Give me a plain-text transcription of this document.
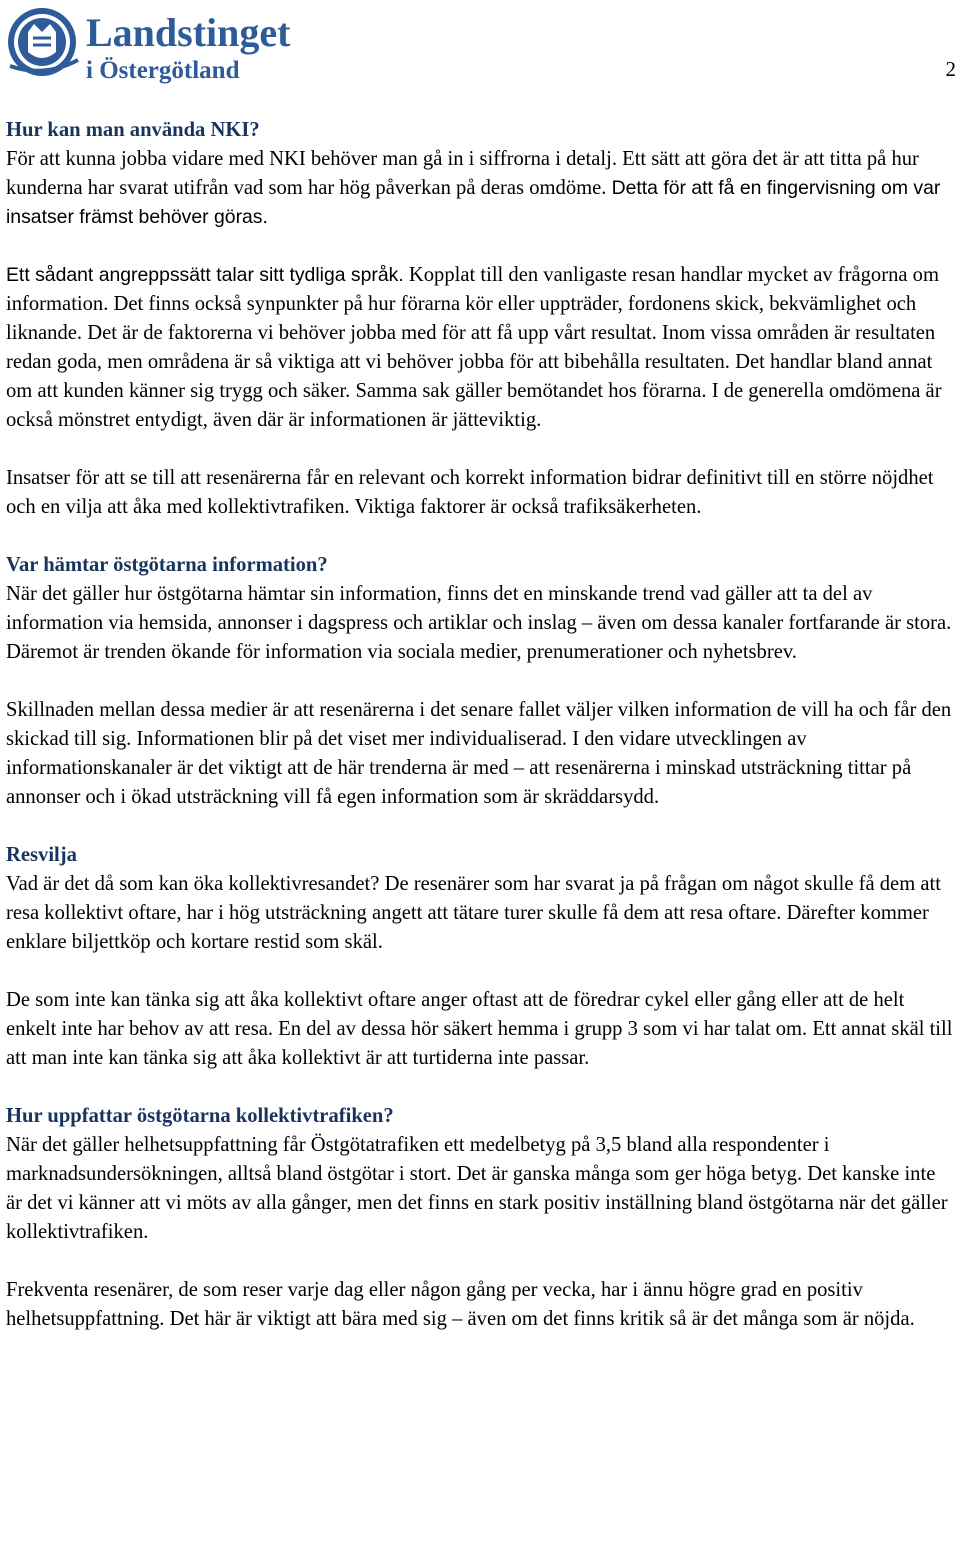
Landstinget
i Östergötland	2

Hur kan man använda NKI?

För att kunna jobba vidare med NKI behöver man gå in i siffrorna i detalj. Ett sätt att göra det är att titta på hur kunderna har svarat utifrån vad som har hög påverkan på deras omdöme. Detta för att få en fingervisning om var insatser främst behöver göras.

Ett sådant angreppssätt talar sitt tydliga språk. Kopplat till den vanligaste resan handlar mycket av frågorna om information. Det finns också synpunkter på hur förarna kör eller uppträder, fordonens skick, bekvämlighet och liknande. Det är de faktorerna vi behöver jobba med för att få upp vårt resultat. Inom vissa områden är resultaten redan goda, men områdena är så viktiga att vi behöver jobba för att bibehålla resultaten. Det handlar bland annat om att kunden känner sig trygg och säker. Samma sak gäller bemötandet hos förarna. I de generella omdömena är också mönstret entydigt, även där är informationen är jätteviktig.

Insatser för att se till att resenärerna får en relevant och korrekt information bidrar definitivt till en större nöjdhet och en vilja att åka med kollektivtrafiken. Viktiga faktorer är också trafiksäkerheten.

Var hämtar östgötarna information?

När det gäller hur östgötarna hämtar sin information, finns det en minskande trend vad gäller att ta del av information via hemsida, annonser i dagspress och artiklar och inslag – även om dessa kanaler fortfarande är stora. Däremot är trenden ökande för information via sociala medier, prenumerationer och nyhetsbrev.

Skillnaden mellan dessa medier är att resenärerna i det senare fallet väljer vilken information de vill ha och får den skickad till sig. Informationen blir på det viset mer individualiserad. I den vidare utvecklingen av informationskanaler är det viktigt att de här trenderna är med – att resenärerna i minskad utsträckning tittar på annonser och i ökad utsträckning vill få egen information som är skräddarsydd.

Resvilja

Vad är det då som kan öka kollektivresandet? De resenärer som har svarat ja på frågan om något skulle få dem att resa kollektivt oftare, har i hög utsträckning angett att tätare turer skulle få dem att resa oftare. Därefter kommer enklare biljettköp och kortare restid som skäl.

De som inte kan tänka sig att åka kollektivt oftare anger oftast att de föredrar cykel eller gång eller att de helt enkelt inte har behov av att resa. En del av dessa hör säkert hemma i grupp 3 som vi har talat om. Ett annat skäl till att man inte kan tänka sig att åka kollektivt är att turtiderna inte passar.

Hur uppfattar östgötarna kollektivtrafiken?

När det gäller helhetsuppfattning får Östgötatrafiken ett medelbetyg på 3,5 bland alla respondenter i marknadsundersökningen, alltså bland östgötar i stort. Det är ganska många som ger höga betyg. Det kanske inte är det vi känner att vi möts av alla gånger, men det finns en stark positiv inställning bland östgötarna när det gäller kollektivtrafiken.

Frekventa resenärer, de som reser varje dag eller någon gång per vecka, har i ännu högre grad en positiv helhetsuppfattning. Det här är viktigt att bära med sig – även om det finns kritik så är det många som är nöjda.
